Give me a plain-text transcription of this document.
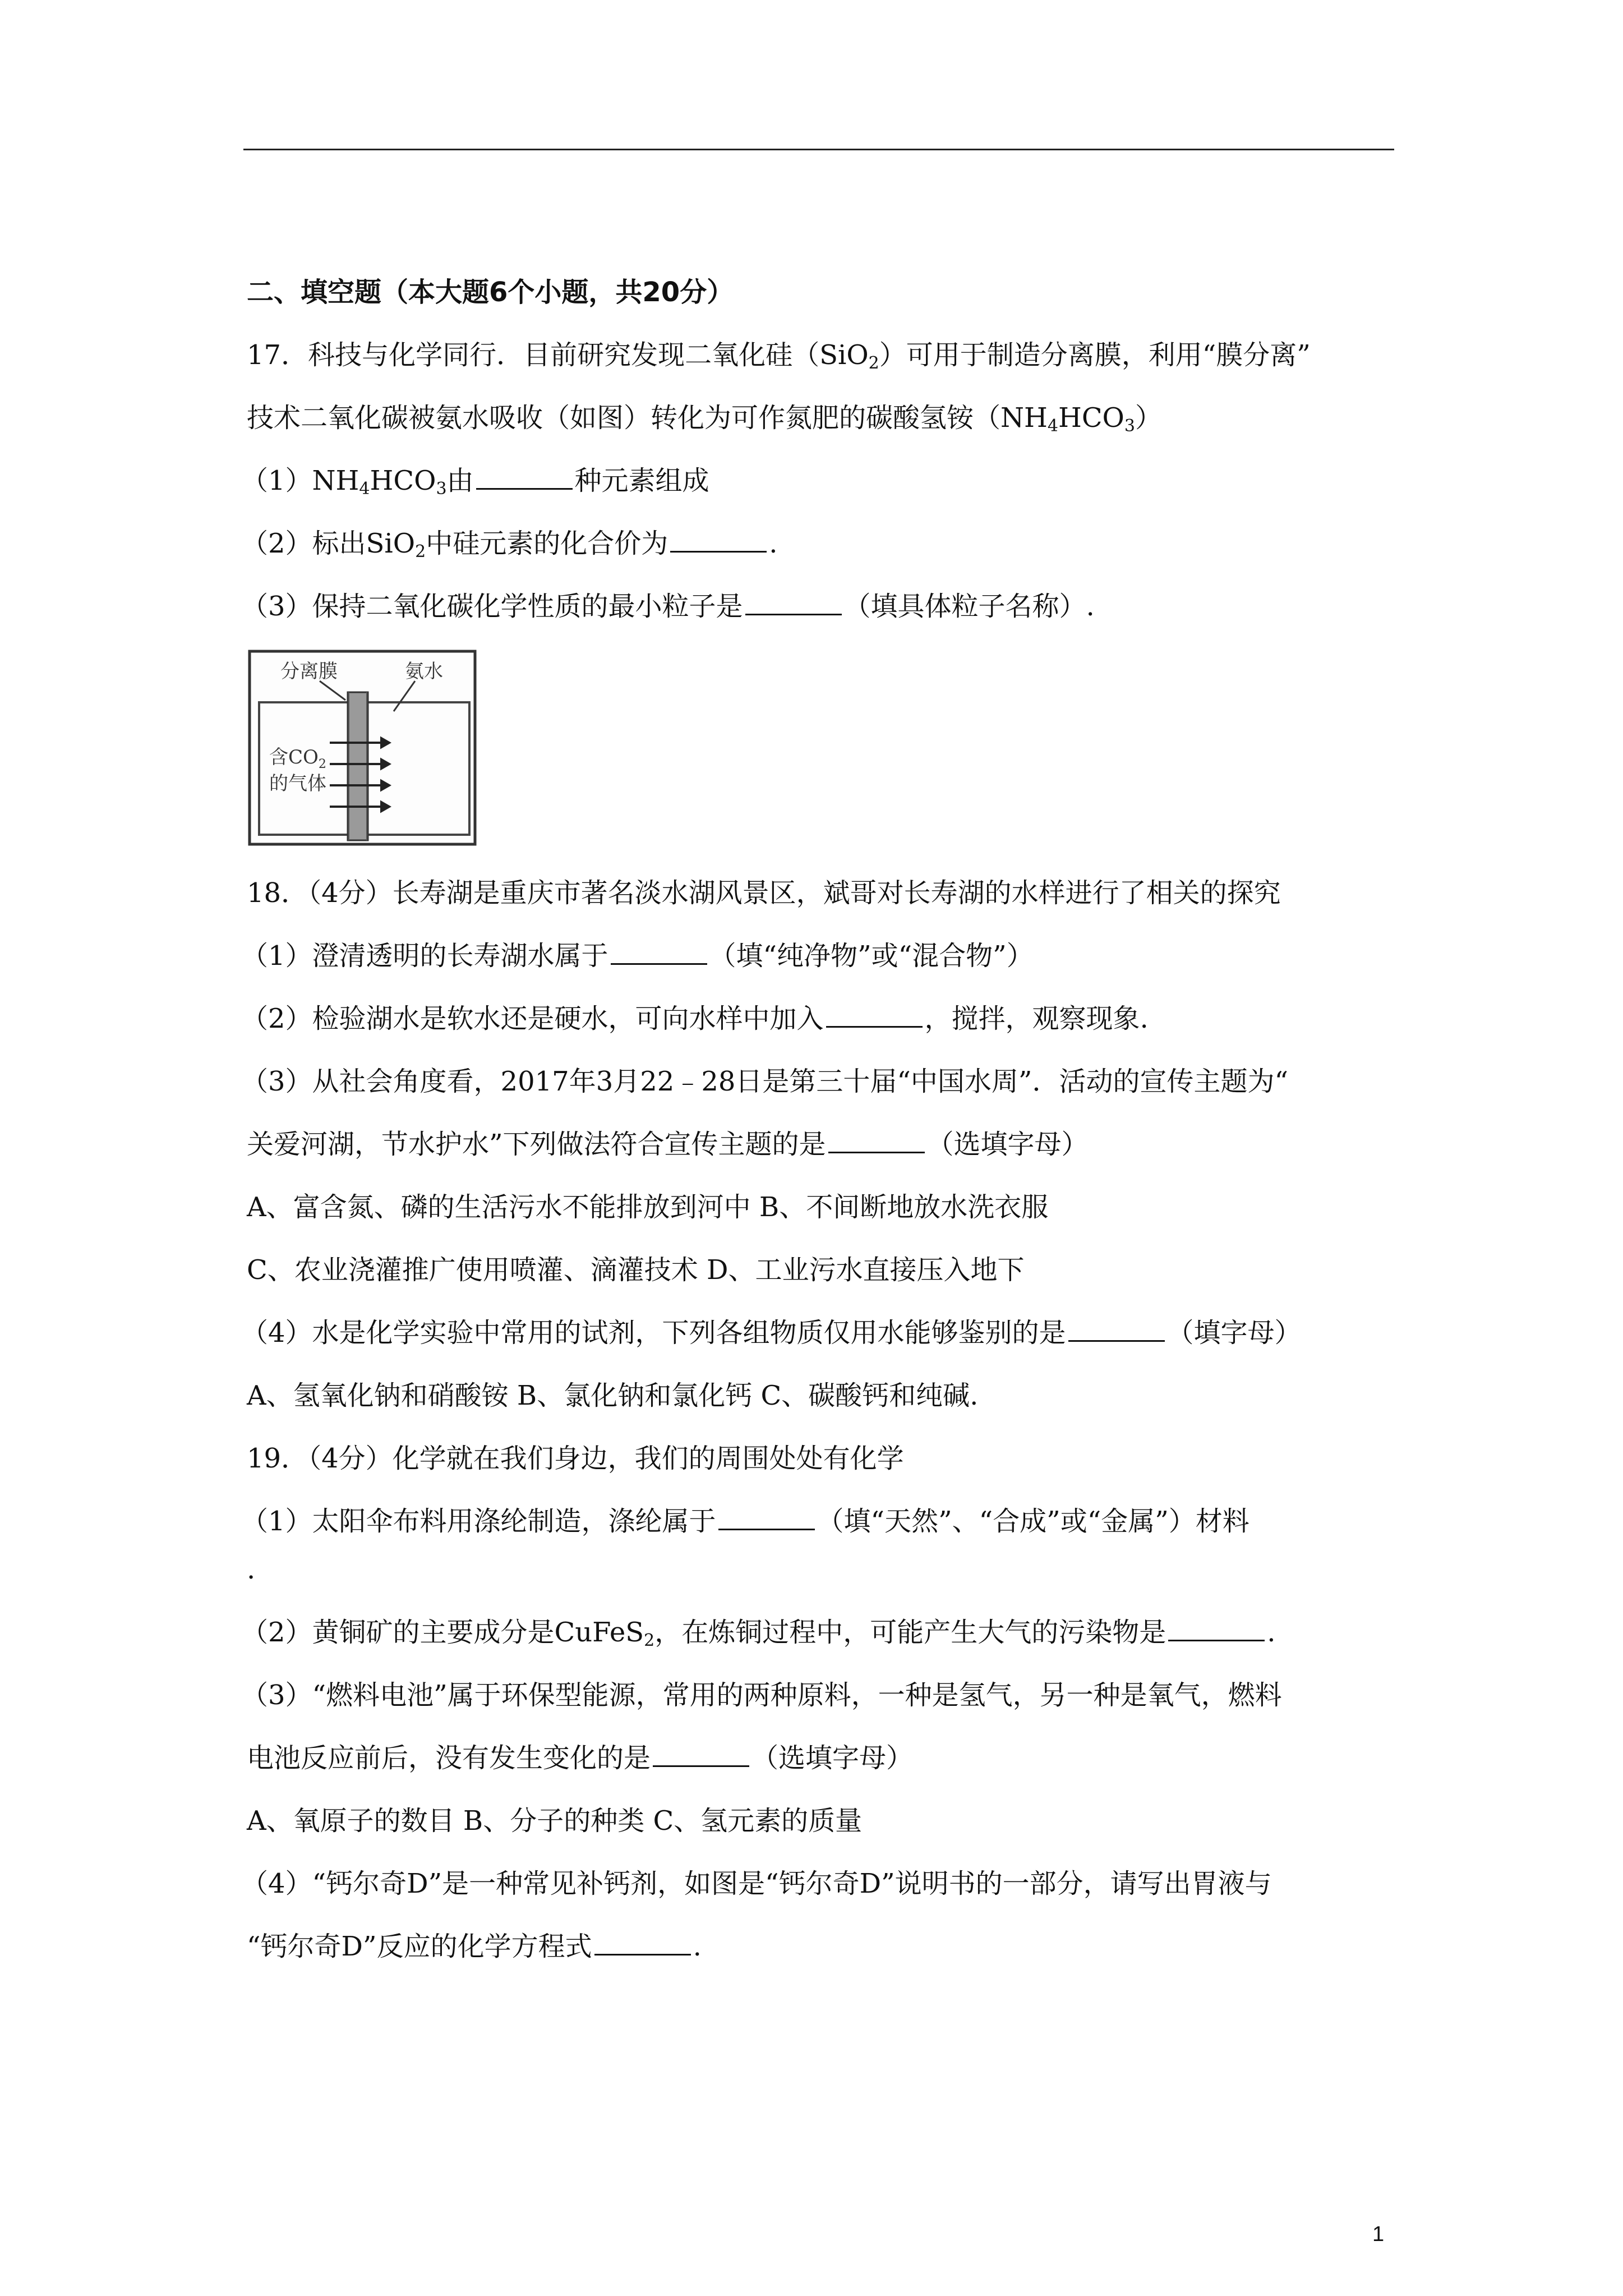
二、填空题（本大题6个小题，共20分）
17．科技与化学同行．目前研究发现二氧化硅（SiO$_2$）可用于制造分离膜，利用“膜分离”
技术二氧化碳被氨水吸收（如图）转化为可作氮肥的碳酸氢铵$(NH_4HCO_3)$
$(1)NH_4HCO_3$由	种元素组成
（2）标出SiO$_2$中硅元素的化合价为	.
（3）保持二氧化碳化学性质的最小粒子是	（填具体粒子名称）.
分离膜	氨水
含$CO_2$
的气体
18．（4分）长寿湖是重庆市著名淡水湖风景区，斌哥对长寿湖的水样进行了相关的探究
（1）澄清透明的长寿湖水属于	（填“纯净物”或“混合物”）
（2）检验湖水是软水还是硬水，可向水样中加入	，搅拌，观察现象.
（3）从社会角度看，2017年3月22﹣28日是第三十届“中国水周”．活动的宣传主题为“
关爱河湖，节水护水”下列做法符合宣传主题的是	（选填字母）
A、富含氮、磷的生活污水不能排放到河中 B、不间断地放水洗衣服
C、农业浇灌推广使用喷灌、滴灌技术 D、工业污水直接压入地下
（4）水是化学实验中常用的试剂，下列各组物质仅用水能够鉴别的是	（填字母）
A、氢氧化钠和硝酸铵 B、氯化钠和氯化钙 C、碳酸钙和纯碱.
19．（4分）化学就在我们身边，我们的周围处处有化学
（1）太阳伞布料用涤纶制造，涤纶属于	（填“天然”、“合成”或“金属”）材料
.
（2）黄铜矿的主要成分是CuFeS$_2$，在炼铜过程中，可能产生大气的污染物是	.
（3）“燃料电池”属于环保型能源，常用的两种原料，一种是氢气，另一种是氧气，燃料
电池反应前后，没有发生变化的是	（选填字母）
A、氧原子的数目 B、分子的种类 C、氢元素的质量
（4）“钙尔奇D”是一种常见补钙剂，如图是“钙尔奇D”说明书的一部分，请写出胃液与
“钙尔奇D”反应的化学方程式	.
1
